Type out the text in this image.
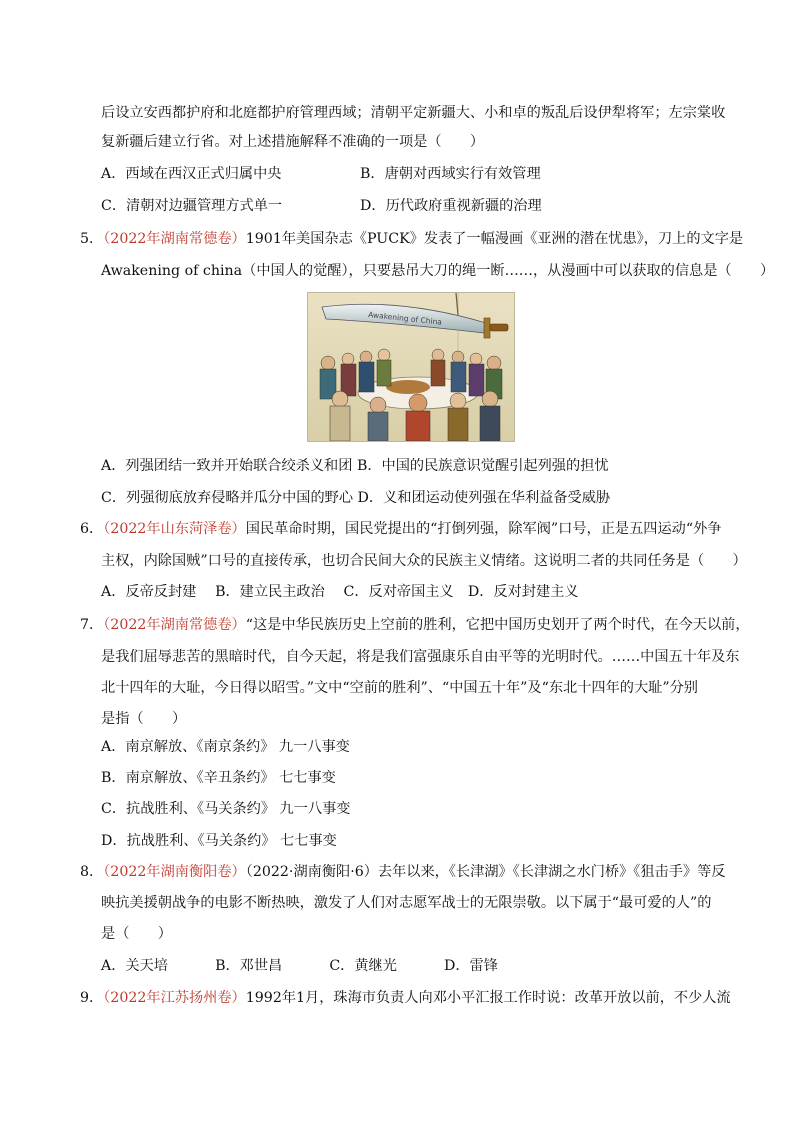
后设立安西都护府和北庭都护府管理西域；清朝平定新疆大、小和卓的叛乱后设伊犁将军；左宗棠收
复新疆后建立行省。对上述措施解释不准确的一项是（　　）
A．西域在西汉正式归属中央	B．唐朝对西域实行有效管理
C．清朝对边疆管理方式单一	D．历代政府重视新疆的治理
5．（2022年湖南常德卷）1901年美国杂志《PUCK》发表了一幅漫画《亚洲的潜在忧患》，刀上的文字是
Awakening of china（中国人的觉醒），只要悬吊大刀的绳一断……，从漫画中可以获取的信息是（　　）
Awakening of China
A．列强团结一致并开始联合绞杀义和团 B．中国的民族意识觉醒引起列强的担忧
C．列强彻底放弃侵略并瓜分中国的野心 D．义和团运动使列强在华利益备受威胁
6．（2022年山东菏泽卷）国民革命时期，国民党提出的“打倒列强，除军阀”口号，正是五四运动“外争
主权，内除国贼”口号的直接传承，也切合民间大众的民族主义情绪。这说明二者的共同任务是（　　）
A．反帝反封建　 B．建立民主政治　 C．反对帝国主义　D．反对封建主义
7．（2022年湖南常德卷）“这是中华民族历史上空前的胜利，它把中国历史划开了两个时代，在今天以前，
是我们屈辱悲苦的黑暗时代，自今天起，将是我们富强康乐自由平等的光明时代。……中国五十年及东
北十四年的大耻，今日得以昭雪。”文中“空前的胜利”、“中国五十年”及“东北十四年的大耻”分别
是指（　　）
A．南京解放、《南京条约》 九一八事变
B．南京解放、《辛丑条约》 七七事变
C．抗战胜利、《马关条约》 九一八事变
D．抗战胜利、《马关条约》 七七事变
8．（2022年湖南衡阳卷）（2022·湖南衡阳·6）去年以来，《长津湖》《长津湖之水门桥》《狙击手》等反
映抗美援朝战争的电影不断热映，激发了人们对志愿军战士的无限崇敬。以下属于“最可爱的人”的
是（　　）
A．关天培　　　 B．邓世昌　　　 C．黄继光　　　 D．雷锋
9．（2022年江苏扬州卷）1992年1月，珠海市负责人向邓小平汇报工作时说：改革开放以前，不少人流
